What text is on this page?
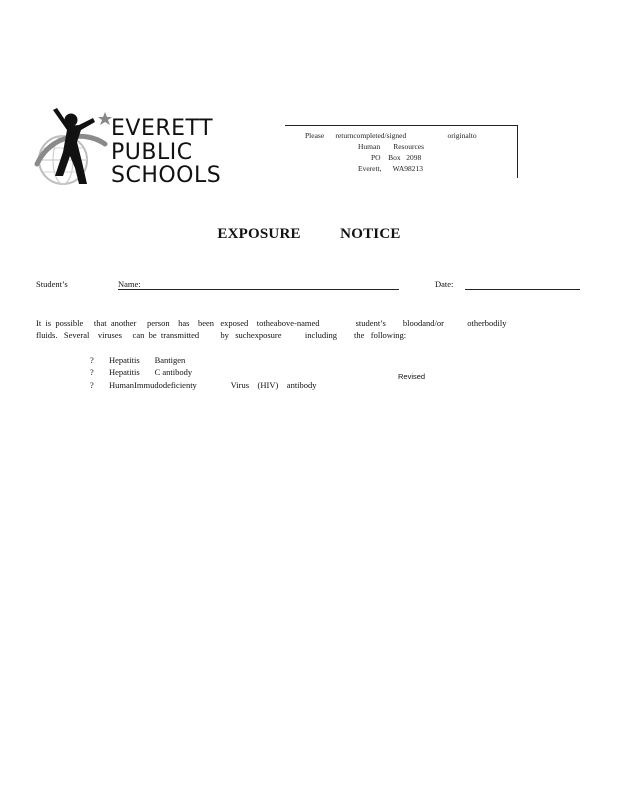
EVERETT
PUBLIC
SCHOOLS
Please      returncompleted/signed                      originalto
Human       Resources
PO    Box   2098
Everett,      WA98213
EXPOSURE          NOTICE
Student’s	Name:	Date:
It  is  possible     that  another     person    has    been   exposed    totheabove-named                 student’s        bloodand/or           otherbodily
fluids.   Several    viruses     can  be  transmitted          by   suchexposure           including        the   following:
? Hepatitis       Bantigen
? Hepatitis       C antibody
? HumanImmudodeficienty                Virus    (HIV)    antibody
Revised
